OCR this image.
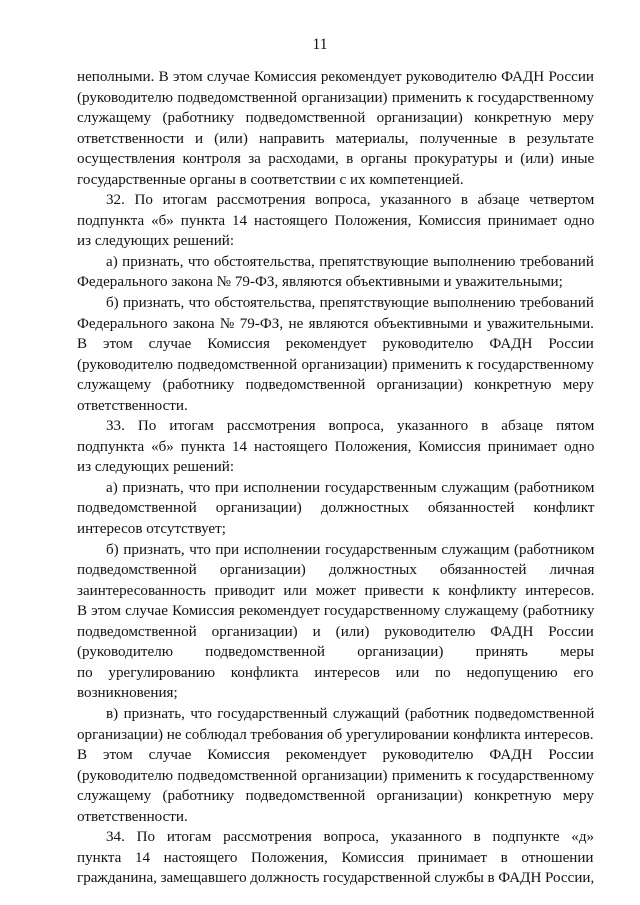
11
неполными. В этом случае Комиссия рекомендует руководителю ФАДН России
(руководителю подведомственной организации) применить к государственному
служащему (работнику подведомственной организации) конкретную меру
ответственности и (или) направить материалы, полученные в результате
осуществления контроля за расходами, в органы прокуратуры и (или) иные
государственные органы в соответствии с их компетенцией.
32. По итогам рассмотрения вопроса, указанного в абзаце четвертом
подпункта «б» пункта 14 настоящего Положения, Комиссия принимает одно
из следующих решений:
а) признать, что обстоятельства, препятствующие выполнению требований
Федерального закона № 79-ФЗ, являются объективными и уважительными;
б) признать, что обстоятельства, препятствующие выполнению требований
Федерального закона № 79-ФЗ, не являются объективными и уважительными.
В этом случае Комиссия рекомендует руководителю ФАДН России
(руководителю подведомственной организации) применить к государственному
служащему (работнику подведомственной организации) конкретную меру
ответственности.
33. По итогам рассмотрения вопроса, указанного в абзаце пятом
подпункта «б» пункта 14 настоящего Положения, Комиссия принимает одно
из следующих решений:
а) признать, что при исполнении государственным служащим (работником
подведомственной организации) должностных обязанностей конфликт
интересов отсутствует;
б) признать, что при исполнении государственным служащим (работником
подведомственной организации) должностных обязанностей личная
заинтересованность приводит или может привести к конфликту интересов.
В этом случае Комиссия рекомендует государственному служащему (работнику
подведомственной организации) и (или) руководителю ФАДН России
(руководителю подведомственной организации) принять меры
по урегулированию конфликта интересов или по недопущению его
возникновения;
в) признать, что государственный служащий (работник подведомственной
организации) не соблюдал требования об урегулировании конфликта интересов.
В этом случае Комиссия рекомендует руководителю ФАДН России
(руководителю подведомственной организации) применить к государственному
служащему (работнику подведомственной организации) конкретную меру
ответственности.
34. По итогам рассмотрения вопроса, указанного в подпункте «д»
пункта 14 настоящего Положения, Комиссия принимает в отношении
гражданина, замещавшего должность государственной службы в ФАДН России,
